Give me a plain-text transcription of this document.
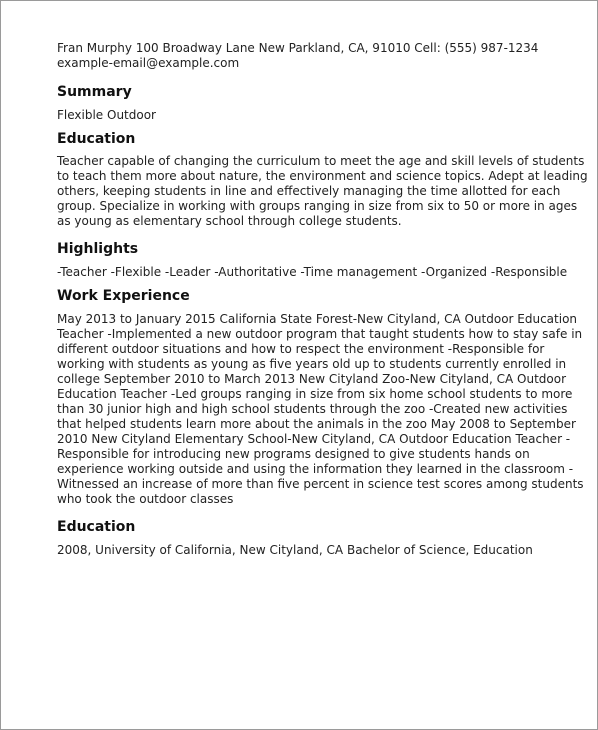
Fran Murphy 100 Broadway Lane New Parkland, CA, 91010 Cell: (555) 987-1234 example-email@example.com

Summary

Flexible Outdoor

Education

Teacher capable of changing the curriculum to meet the age and skill levels of students to teach them more about nature, the environment and science topics. Adept at leading others, keeping students in line and effectively managing the time allotted for each group. Specialize in working with groups ranging in size from six to 50 or more in ages as young as elementary school through college students.

Highlights

-Teacher -Flexible -Leader -Authoritative -Time management -Organized -Responsible

Work Experience

May 2013 to January 2015 California State Forest-New Cityland, CA Outdoor Education Teacher -Implemented a new outdoor program that taught students how to stay safe in different outdoor situations and how to respect the environment -Responsible for working with students as young as five years old up to students currently enrolled in college September 2010 to March 2013 New Cityland Zoo-New Cityland, CA Outdoor Education Teacher -Led groups ranging in size from six home school students to more than 30 junior high and high school students through the zoo -Created new activities that helped students learn more about the animals in the zoo May 2008 to September 2010 New Cityland Elementary School-New Cityland, CA Outdoor Education Teacher -Responsible for introducing new programs designed to give students hands on experience working outside and using the information they learned in the classroom -Witnessed an increase of more than five percent in science test scores among students who took the outdoor classes

Education

2008, University of California, New Cityland, CA Bachelor of Science, Education
